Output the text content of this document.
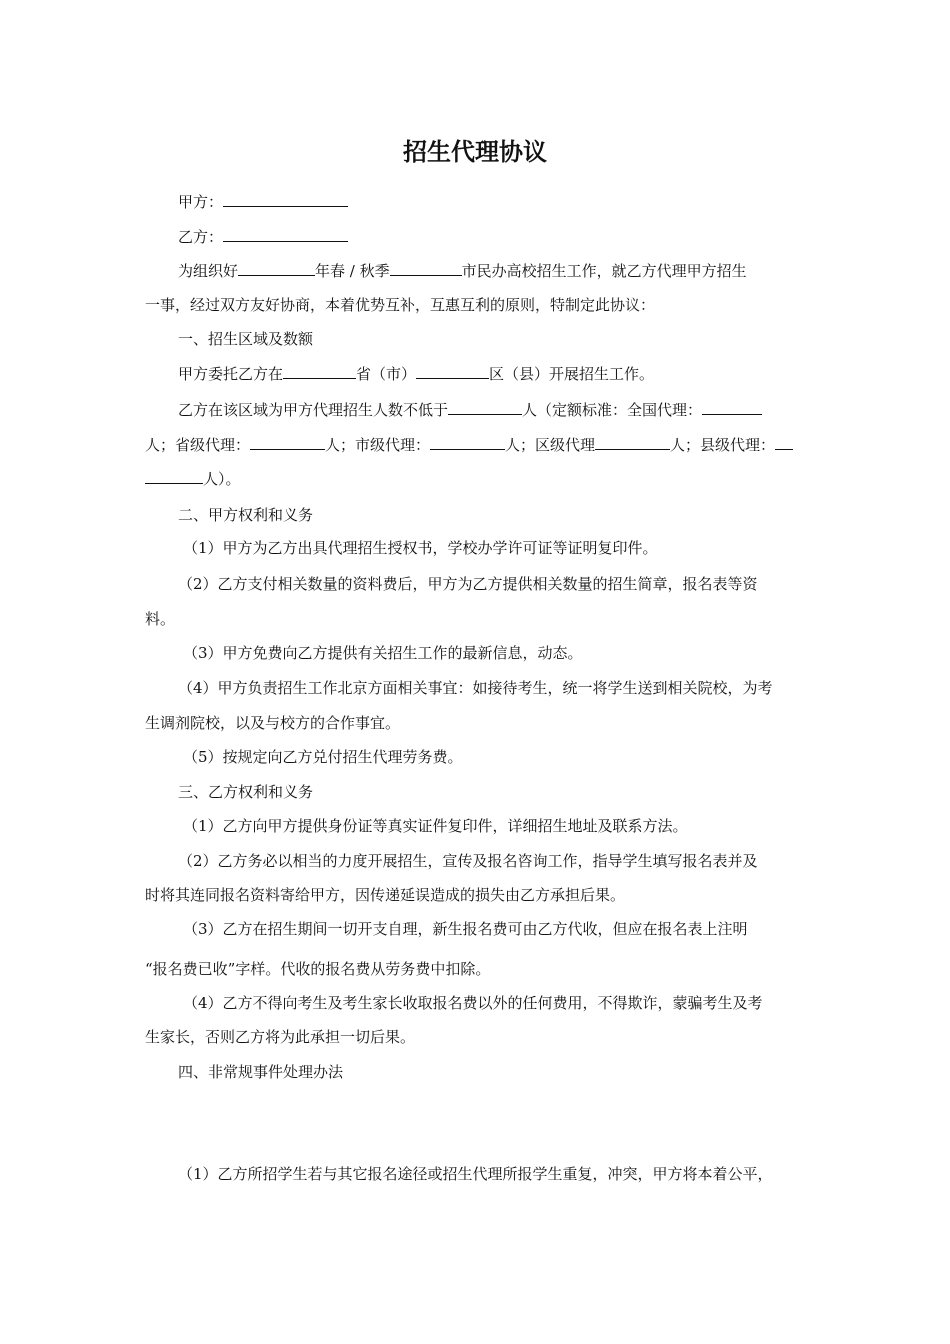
招生代理协议
甲方：
乙方：
为组织好	年春 / 秋季	市民办高校招生工作，就乙方代理甲方招生
一事，经过双方友好协商，本着优势互补，互惠互利的原则，特制定此协议：
一、招生区域及数额
甲方委托乙方在	省（市）	区（县）开展招生工作。
乙方在该区域为甲方代理招生人数不低于	人（定额标准：全国代理：
人；省级代理：	人；市级代理：	人；区级代理	人；县级代理：
人）。
二、甲方权利和义务
（1）甲方为乙方出具代理招生授权书，学校办学许可证等证明复印件。
（2）乙方支付相关数量的资料费后，甲方为乙方提供相关数量的招生简章，报名表等资
料。
（3）甲方免费向乙方提供有关招生工作的最新信息，动态。
（4）甲方负责招生工作北京方面相关事宜：如接待考生，统一将学生送到相关院校，为考
生调剂院校，以及与校方的合作事宜。
（5）按规定向乙方兑付招生代理劳务费。
三、乙方权利和义务
（1）乙方向甲方提供身份证等真实证件复印件，详细招生地址及联系方法。
（2）乙方务必以相当的力度开展招生，宣传及报名咨询工作，指导学生填写报名表并及
时将其连同报名资料寄给甲方，因传递延误造成的损失由乙方承担后果。
（3）乙方在招生期间一切开支自理，新生报名费可由乙方代收，但应在报名表上注明
“报名费已收”字样。代收的报名费从劳务费中扣除。
（4）乙方不得向考生及考生家长收取报名费以外的任何费用，不得欺诈，蒙骗考生及考
生家长，否则乙方将为此承担一切后果。
四、非常规事件处理办法
（1）乙方所招学生若与其它报名途径或招生代理所报学生重复，冲突，甲方将本着公平，
